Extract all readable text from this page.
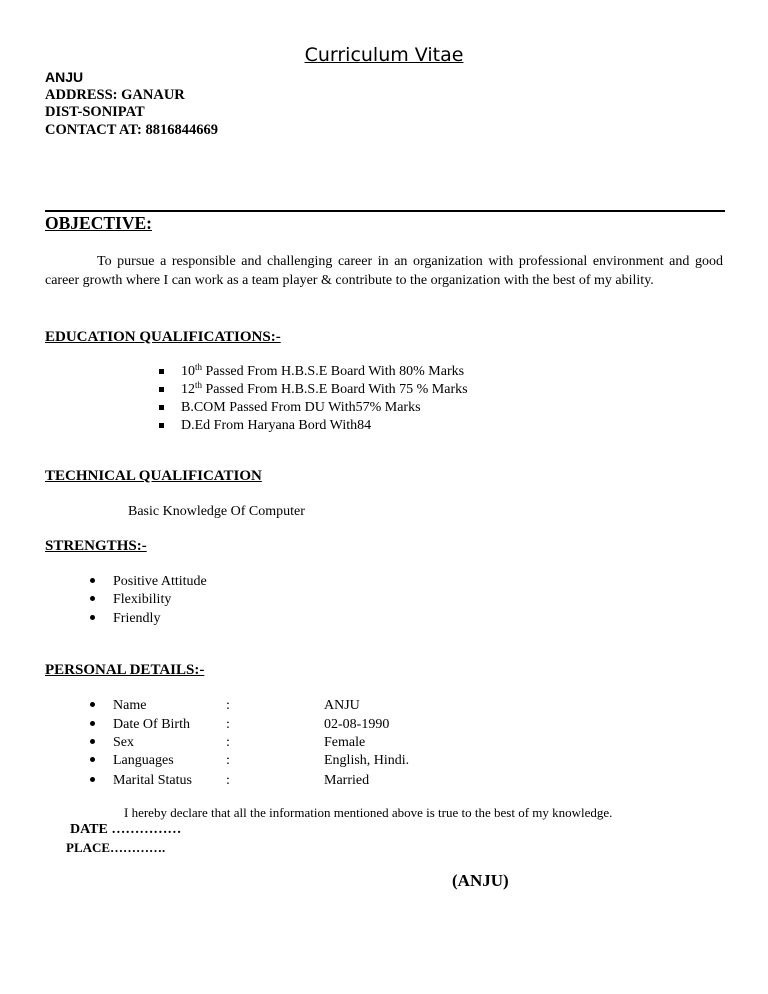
Curriculum Vitae
ANJU
ADDRESS: GANAUR
DIST-SONIPAT
CONTACT AT: 8816844669
OBJECTIVE:
To pursue a responsible and challenging career in an organization with professional environment and good career growth where I can work as a team player & contribute to the organization with the best of my ability.
EDUCATION QUALIFICATIONS:-
10th Passed From H.B.S.E Board With 80% Marks
12th Passed From H.B.S.E Board With 75 % Marks
B.COM Passed From DU With57% Marks
D.Ed From Haryana Bord With84
TECHNICAL QUALIFICATION
Basic Knowledge Of Computer
STRENGTHS:-
Positive Attitude
Flexibility
Friendly
PERSONAL DETAILS:-
Name	:	ANJU
Date Of Birth	:	02-08-1990
Sex	:	Female
Languages	:	English, Hindi.
Marital Status :	Married
I hereby declare that all the information mentioned above is true to the best of my knowledge.
DATE ……………
PLACE………….
(ANJU)
